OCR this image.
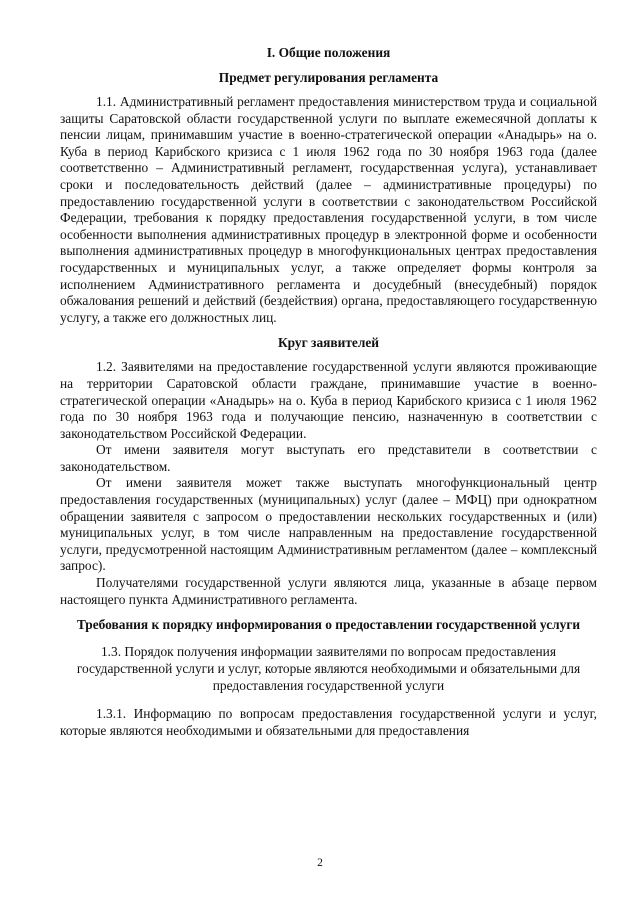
I. Общие положения
Предмет регулирования регламента

1.1. Административный регламент предоставления министерством труда и социальной защиты Саратовской области государственной услуги по выплате ежемесячной доплаты к пенсии лицам, принимавшим участие в военно-стратегической операции «Анадырь» на о. Куба в период Карибского кризиса с 1 июля 1962 года по 30 ноября 1963 года (далее соответственно – Административный регламент, государственная услуга), устанавливает сроки и последовательность действий (далее – административные процедуры) по предоставлению государственной услуги в соответствии с законодательством Российской Федерации, требования к порядку предоставления государственной услуги, в том числе особенности выполнения административных процедур в электронной форме и особенности выполнения административных процедур в многофункциональных центрах предоставления государственных и муниципальных услуг, а также определяет формы контроля за исполнением Административного регламента и досудебный (внесудебный) порядок обжалования решений и действий (бездействия) органа, предоставляющего государственную услугу, а также его должностных лиц.

Круг заявителей

1.2. Заявителями на предоставление государственной услуги являются проживающие на территории Саратовской области граждане, принимавшие участие в военно-стратегической операции «Анадырь» на о. Куба в период Карибского кризиса с 1 июля 1962 года по 30 ноября 1963 года и получающие пенсию, назначенную в соответствии с законодательством Российской Федерации.

От имени заявителя могут выступать его представители в соответствии с законодательством.

От имени заявителя может также выступать многофункциональный центр предоставления государственных (муниципальных) услуг (далее – МФЦ) при однократном обращении заявителя с запросом о предоставлении нескольких государственных и (или) муниципальных услуг, в том числе направленным на предоставление государственной услуги, предусмотренной настоящим Административным регламентом (далее – комплексный запрос).

Получателями государственной услуги являются лица, указанные в абзаце первом настоящего пункта Административного регламента.

Требования к порядку информирования о предоставлении государственной услуги
1.3. Порядок получения информации заявителями по вопросам предоставления государственной услуги и услуг, которые являются необходимыми и обязательными для предоставления государственной услуги

1.3.1. Информацию по вопросам предоставления государственной услуги и услуг, которые являются необходимыми и обязательными для предоставления

2
